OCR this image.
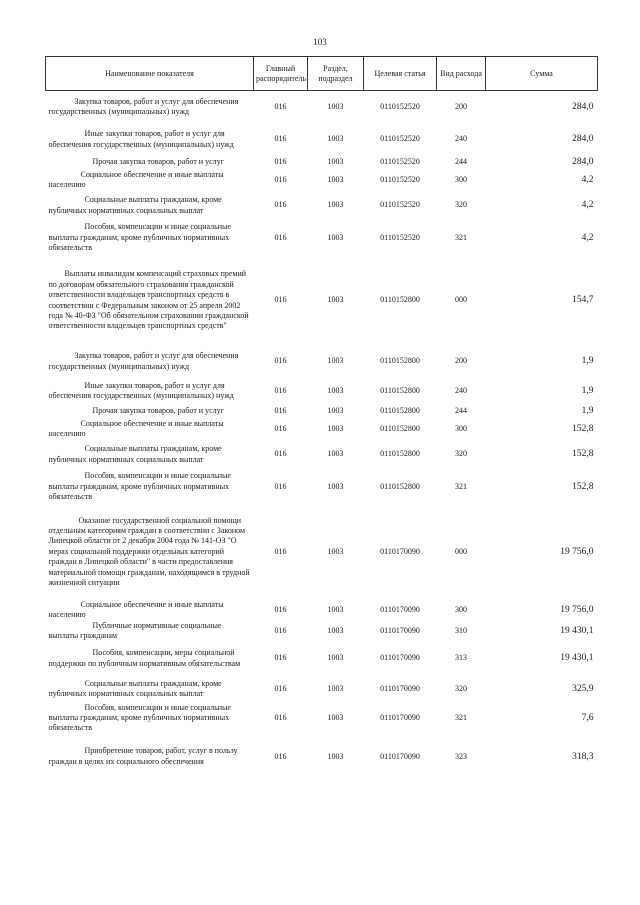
103
Наименование показателя	Главный распорядитель	Раздел, подраздел	Целевая статья	Вид расхода	Сумма

Закупка товаров, работ и услуг для обеспечения государственных (муниципальных) нужд	016	1003	0110152520	200	284,0

Иные закупки товаров, работ и услуг для обеспечения государственных (муниципальных) нужд	016	1003	0110152520	240	284,0

Прочая закупка товаров, работ и услуг	016	1003	0110152520	244	284,0

Социальное обеспечение и иные выплаты населению	016	1003	0110152520	300	4,2

Социальные выплаты гражданам, кроме публичных нормативных социальных выплат	016	1003	0110152520	320	4,2

Пособия, компенсации и иные социальные выплаты гражданам, кроме публичных нормативных обязательств	016	1003	0110152520	321	4,2

Выплаты инвалидам компенсаций страховых премий по договорам обязательного страхования гражданской ответственности владельцев транспортных средств в соответствии с Федеральным законом от 25 апреля 2002 года № 40-ФЗ "Об обязательном страховании гражданской ответственности владельцев транспортных средств"	016	1003	0110152800	000	154,7

Закупка товаров, работ и услуг для обеспечения государственных (муниципальных) нужд	016	1003	0110152800	200	1,9

Иные закупки товаров, работ и услуг для обеспечения государственных (муниципальных) нужд	016	1003	0110152800	240	1,9

Прочая закупка товаров, работ и услуг	016	1003	0110152800	244	1,9

Социальное обеспечение и иные выплаты населению	016	1003	0110152800	300	152,8

Социальные выплаты гражданам, кроме публичных нормативных социальных выплат	016	1003	0110152800	320	152,8

Пособия, компенсации и иные социальные выплаты гражданам, кроме публичных нормативных обязательств	016	1003	0110152800	321	152,8

Оказание государственной социальной помощи отдельным категориям граждан в соответствии с Законом Липецкой области от 2 декабря 2004 года № 141-ОЗ "О мерах социальной поддержки отдельных категорий граждан в Липецкой области" в части предоставления материальной помощи гражданам, находящимся в трудной жизненной ситуации	016	1003	0110170090	000	19 756,0

Социальное обеспечение и иные выплаты населению	016	1003	0110170090	300	19 756,0

Публичные нормативные социальные выплаты гражданам	016	1003	0110170090	310	19 430,1

Пособия, компенсации, меры социальной поддержки по публичным нормативным обязательствам	016	1003	0110170090	313	19 430,1

Социальные выплаты гражданам, кроме публичных нормативных социальных выплат	016	1003	0110170090	320	325,9

Пособия, компенсации и иные социальные выплаты гражданам, кроме публичных нормативных обязательств	016	1003	0110170090	321	7,6

Приобретение товаров, работ, услуг в пользу граждан в целях их социального обеспечения	016	1003	0110170090	323	318,3
